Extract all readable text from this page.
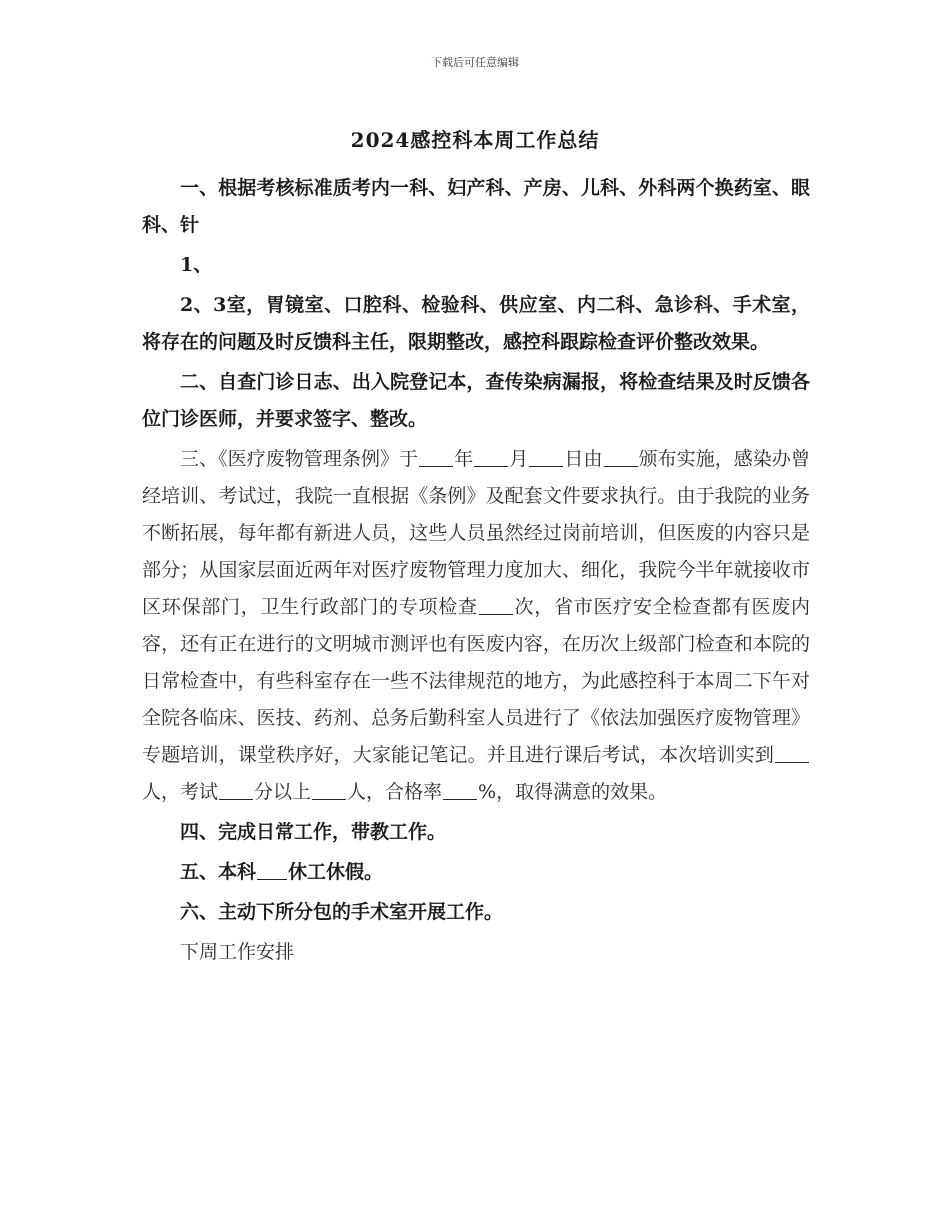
下载后可任意编辑
2024感控科本周工作总结

一、根据考核标准质考内一科、妇产科、产房、儿科、外科两个换药室、眼科、针

1、

2、3室，胃镜室、口腔科、检验科、供应室、内二科、急诊科、手术室，将存在的问题及时反馈科主任，限期整改，感控科跟踪检查评价整改效果。

二、自查门诊日志、出入院登记本，查传染病漏报，将检查结果及时反馈各位门诊医师，并要求签字、整改。

三、《医疗废物管理条例》于 年 月 日由 颁布实施，感染办曾经培训、考试过，我院一直根据《条例》及配套文件要求执行。由于我院的业务不断拓展，每年都有新进人员，这些人员虽然经过岗前培训，但医废的内容只是部分；从国家层面近两年对医疗废物管理力度加大、细化，我院今半年就接收市区环保部门，卫生行政部门的专项检查 次，省市医疗安全检查都有医废内容，还有正在进行的文明城市测评也有医废内容，在历次上级部门检查和本院的日常检查中，有些科室存在一些不法律规范的地方，为此感控科于本周二下午对全院各临床、医技、药剂、总务后勤科室人员进行了《依法加强医疗废物管理》专题培训，课堂秩序好，大家能记笔记。并且进行课后考试，本次培训实到人，考试 分以上 人，合格率 %，取得满意的效果。

四、完成日常工作，带教工作。

五、本科 休工休假。

六、主动下所分包的手术室开展工作。

下周工作安排
